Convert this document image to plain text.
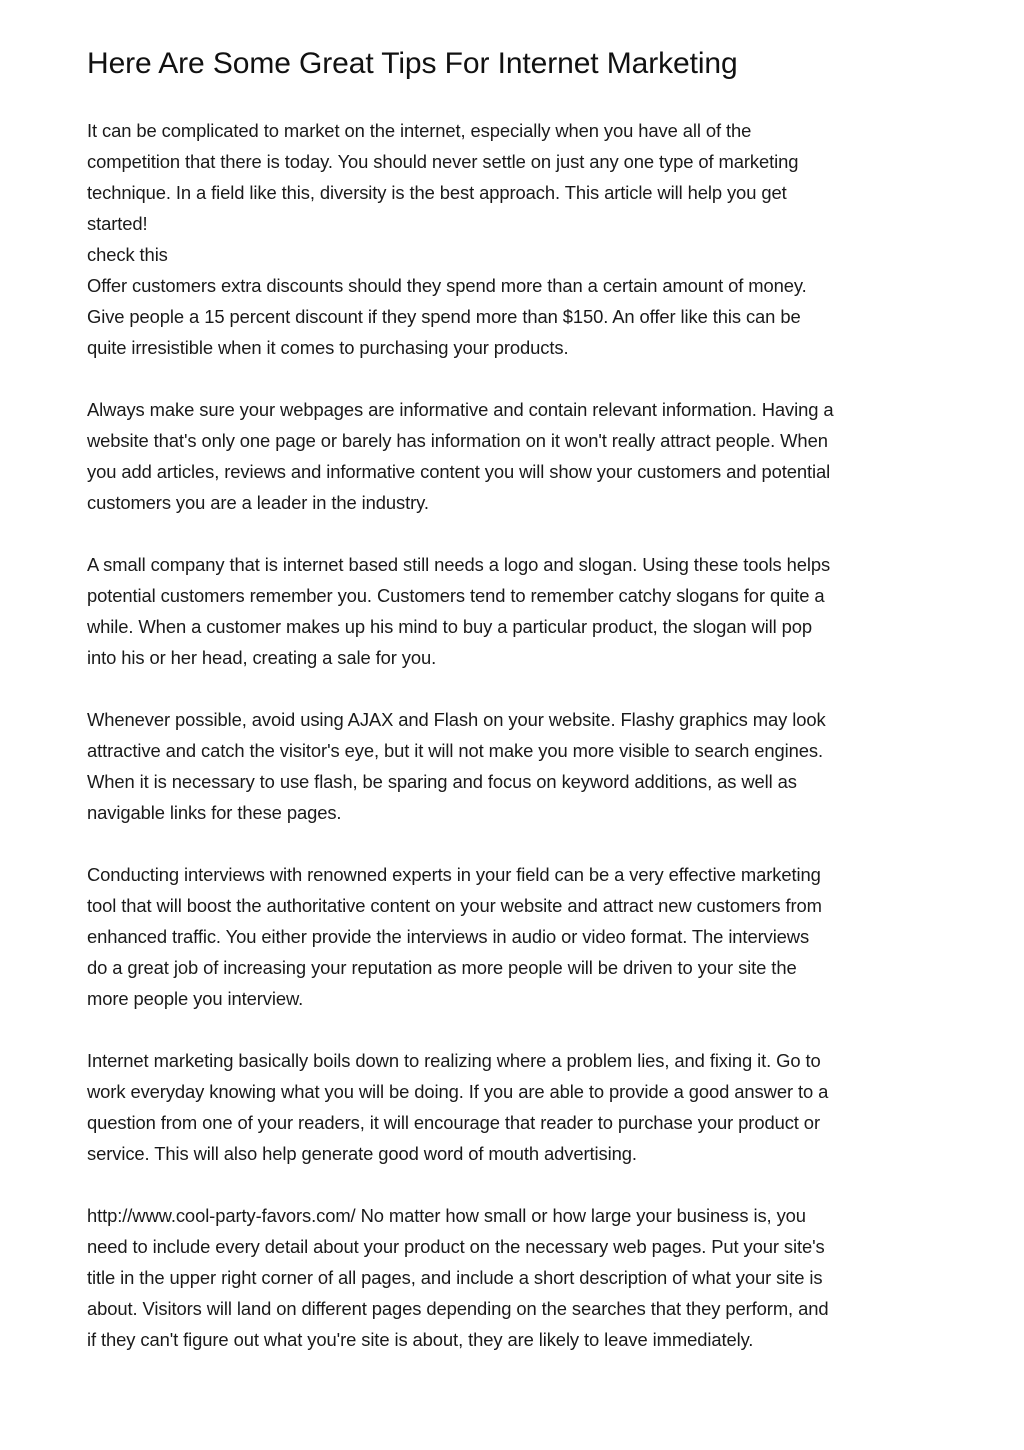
Here Are Some Great Tips For Internet Marketing
It can be complicated to market on the internet, especially when you have all of the
competition that there is today. You should never settle on just any one type of marketing
technique. In a field like this, diversity is the best approach. This article will help you get
started!
check this
Offer customers extra discounts should they spend more than a certain amount of money.
Give people a 15 percent discount if they spend more than $150. An offer like this can be
quite irresistible when it comes to purchasing your products.
Always make sure your webpages are informative and contain relevant information. Having a
website that's only one page or barely has information on it won't really attract people. When
you add articles, reviews and informative content you will show your customers and potential
customers you are a leader in the industry.
A small company that is internet based still needs a logo and slogan. Using these tools helps
potential customers remember you. Customers tend to remember catchy slogans for quite a
while. When a customer makes up his mind to buy a particular product, the slogan will pop
into his or her head, creating a sale for you.
Whenever possible, avoid using AJAX and Flash on your website. Flashy graphics may look
attractive and catch the visitor's eye, but it will not make you more visible to search engines.
When it is necessary to use flash, be sparing and focus on keyword additions, as well as
navigable links for these pages.
Conducting interviews with renowned experts in your field can be a very effective marketing
tool that will boost the authoritative content on your website and attract new customers from
enhanced traffic. You either provide the interviews in audio or video format. The interviews
do a great job of increasing your reputation as more people will be driven to your site the
more people you interview.
Internet marketing basically boils down to realizing where a problem lies, and fixing it. Go to
work everyday knowing what you will be doing. If you are able to provide a good answer to a
question from one of your readers, it will encourage that reader to purchase your product or
service. This will also help generate good word of mouth advertising.
http://www.cool-party-favors.com/ No matter how small or how large your business is, you
need to include every detail about your product on the necessary web pages. Put your site's
title in the upper right corner of all pages, and include a short description of what your site is
about. Visitors will land on different pages depending on the searches that they perform, and
if they can't figure out what you're site is about, they are likely to leave immediately.
